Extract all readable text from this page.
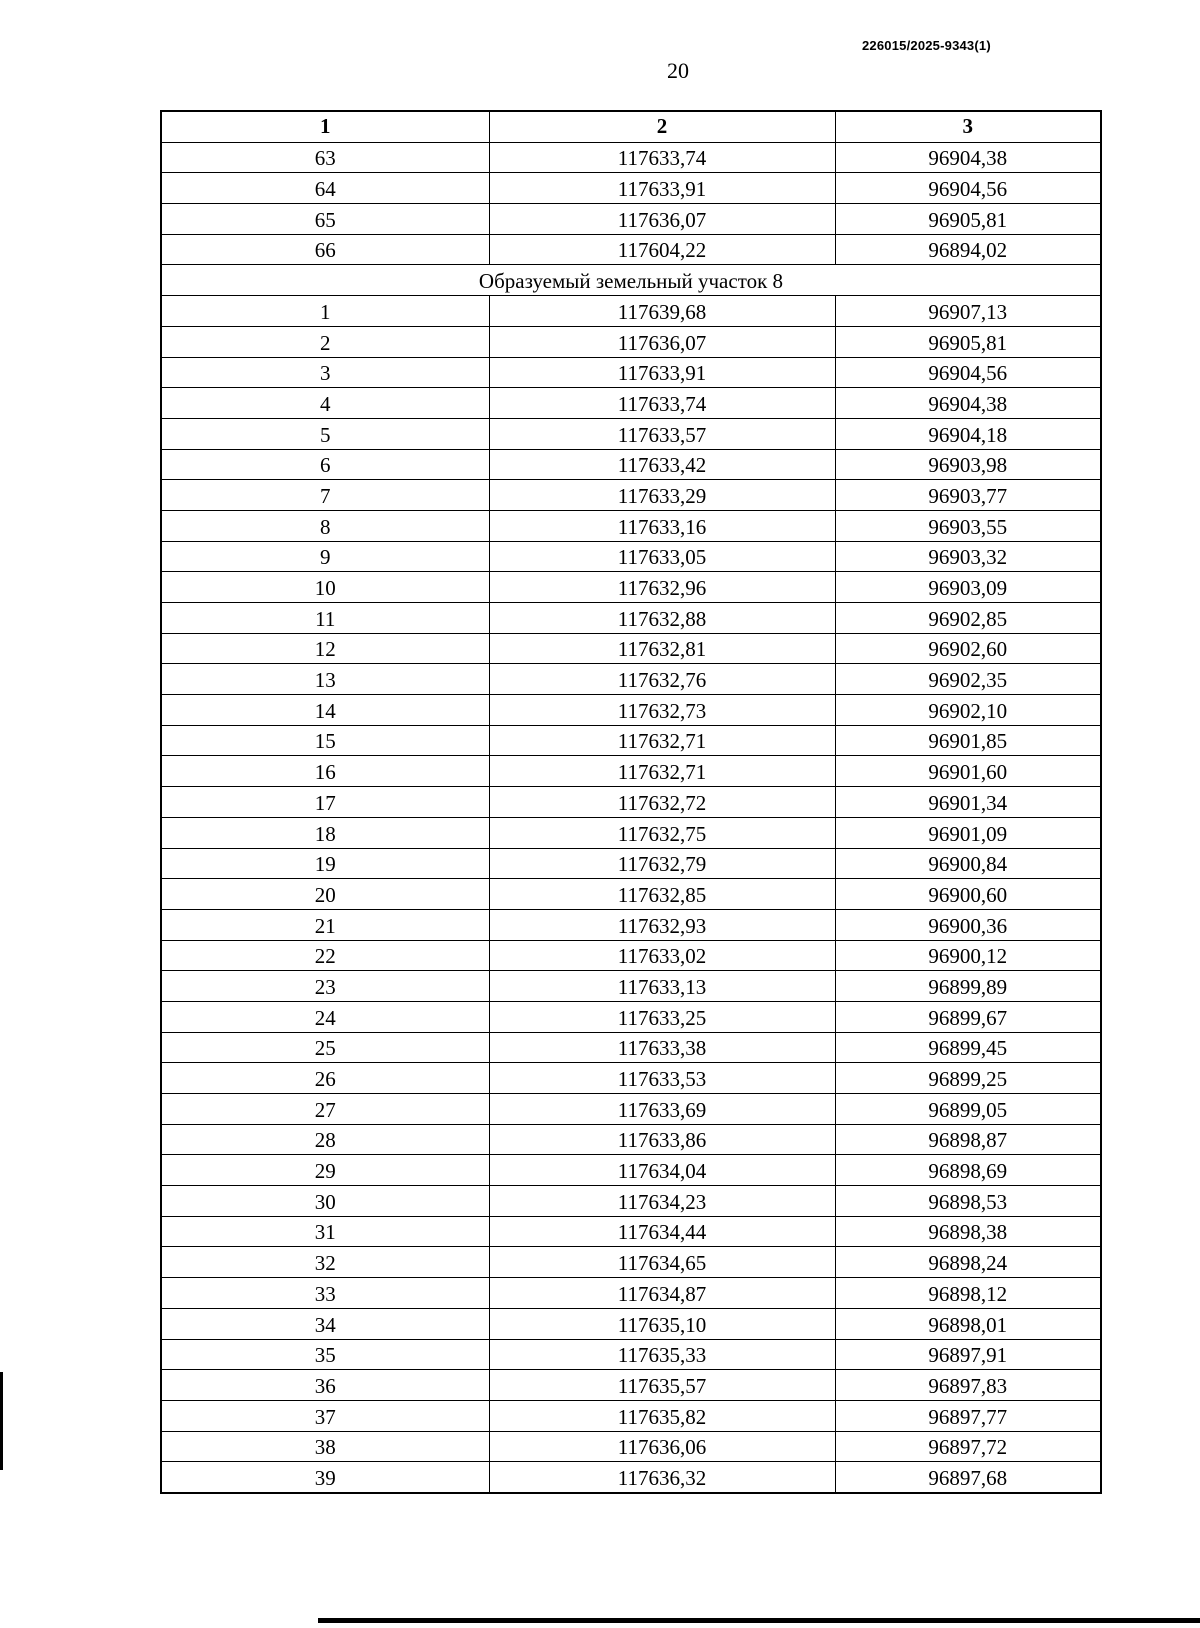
226015/2025-9343(1)
20
1	2	3
63	117633,74	96904,38
64	117633,91	96904,56
65	117636,07	96905,81
66	117604,22	96894,02
Образуемый земельный участок 8		
1	117639,68	96907,13
2	117636,07	96905,81
3	117633,91	96904,56
4	117633,74	96904,38
5	117633,57	96904,18
6	117633,42	96903,98
7	117633,29	96903,77
8	117633,16	96903,55
9	117633,05	96903,32
10	117632,96	96903,09
11	117632,88	96902,85
12	117632,81	96902,60
13	117632,76	96902,35
14	117632,73	96902,10
15	117632,71	96901,85
16	117632,71	96901,60
17	117632,72	96901,34
18	117632,75	96901,09
19	117632,79	96900,84
20	117632,85	96900,60
21	117632,93	96900,36
22	117633,02	96900,12
23	117633,13	96899,89
24	117633,25	96899,67
25	117633,38	96899,45
26	117633,53	96899,25
27	117633,69	96899,05
28	117633,86	96898,87
29	117634,04	96898,69
30	117634,23	96898,53
31	117634,44	96898,38
32	117634,65	96898,24
33	117634,87	96898,12
34	117635,10	96898,01
35	117635,33	96897,91
36	117635,57	96897,83
37	117635,82	96897,77
38	117636,06	96897,72
39	117636,32	96897,68
